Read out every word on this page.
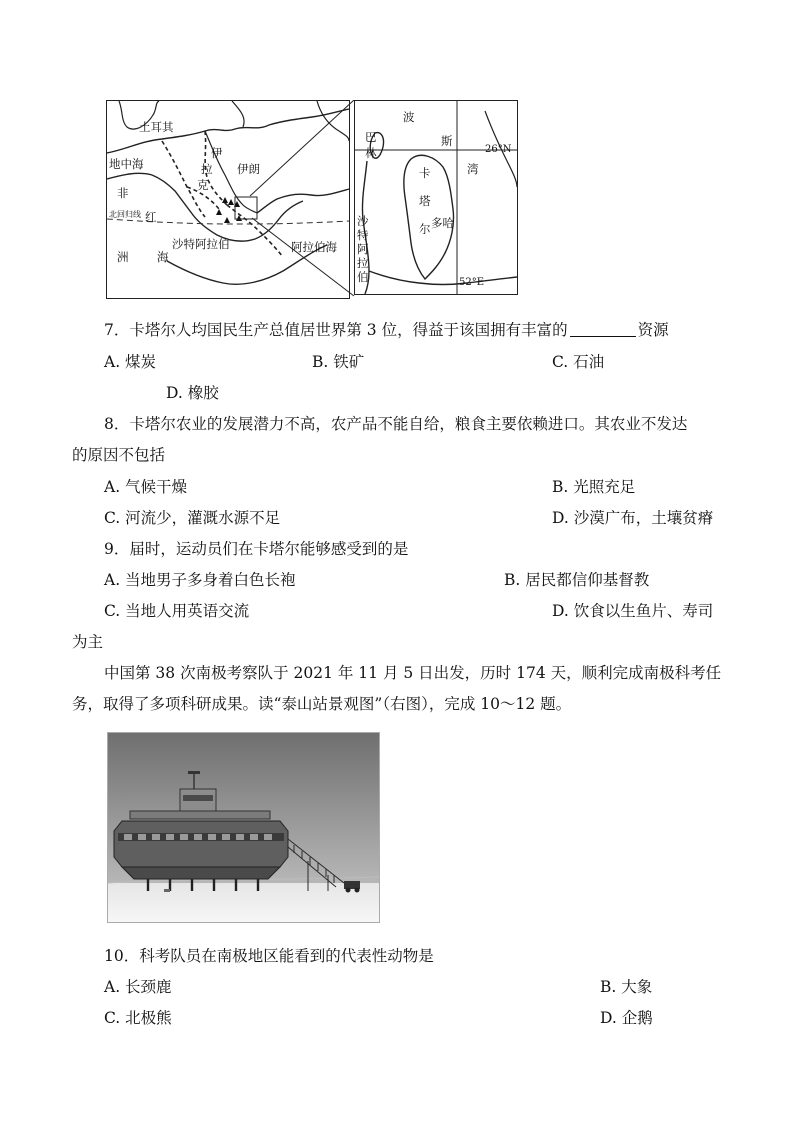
土耳其
地中海
非
洲
红
海
伊
拉
克
伊朗
沙特阿拉伯	阿拉伯海
北回归线
波
斯
湾
26°N
巴
林
卡
塔
尔 多哈
沙
特
阿
拉
伯	52°E
7．卡塔尔人均国民生产总值居世界第 3 位，得益于该国拥有丰富的	资源
A. 煤炭	B. 铁矿	C. 石油
D. 橡胶
8．卡塔尔农业的发展潜力不高，农产品不能自给，粮食主要依赖进口。其农业不发达
的原因不包括
A. 气候干燥	B. 光照充足
C. 河流少，灌溉水源不足	D. 沙漠广布，土壤贫瘠
9．届时，运动员们在卡塔尔能够感受到的是
A. 当地男子多身着白色长袍	B. 居民都信仰基督教
C. 当地人用英语交流	D. 饮食以生鱼片、寿司
为主
中国第 38 次南极考察队于 2021 年 11 月 5 日出发，历时 174 天，顺利完成南极科考任
务，取得了多项科研成果。读“泰山站景观图”（右图），完成 10～12 题。
10．科考队员在南极地区能看到的代表性动物是
A. 长颈鹿	B. 大象
C. 北极熊	D. 企鹅
